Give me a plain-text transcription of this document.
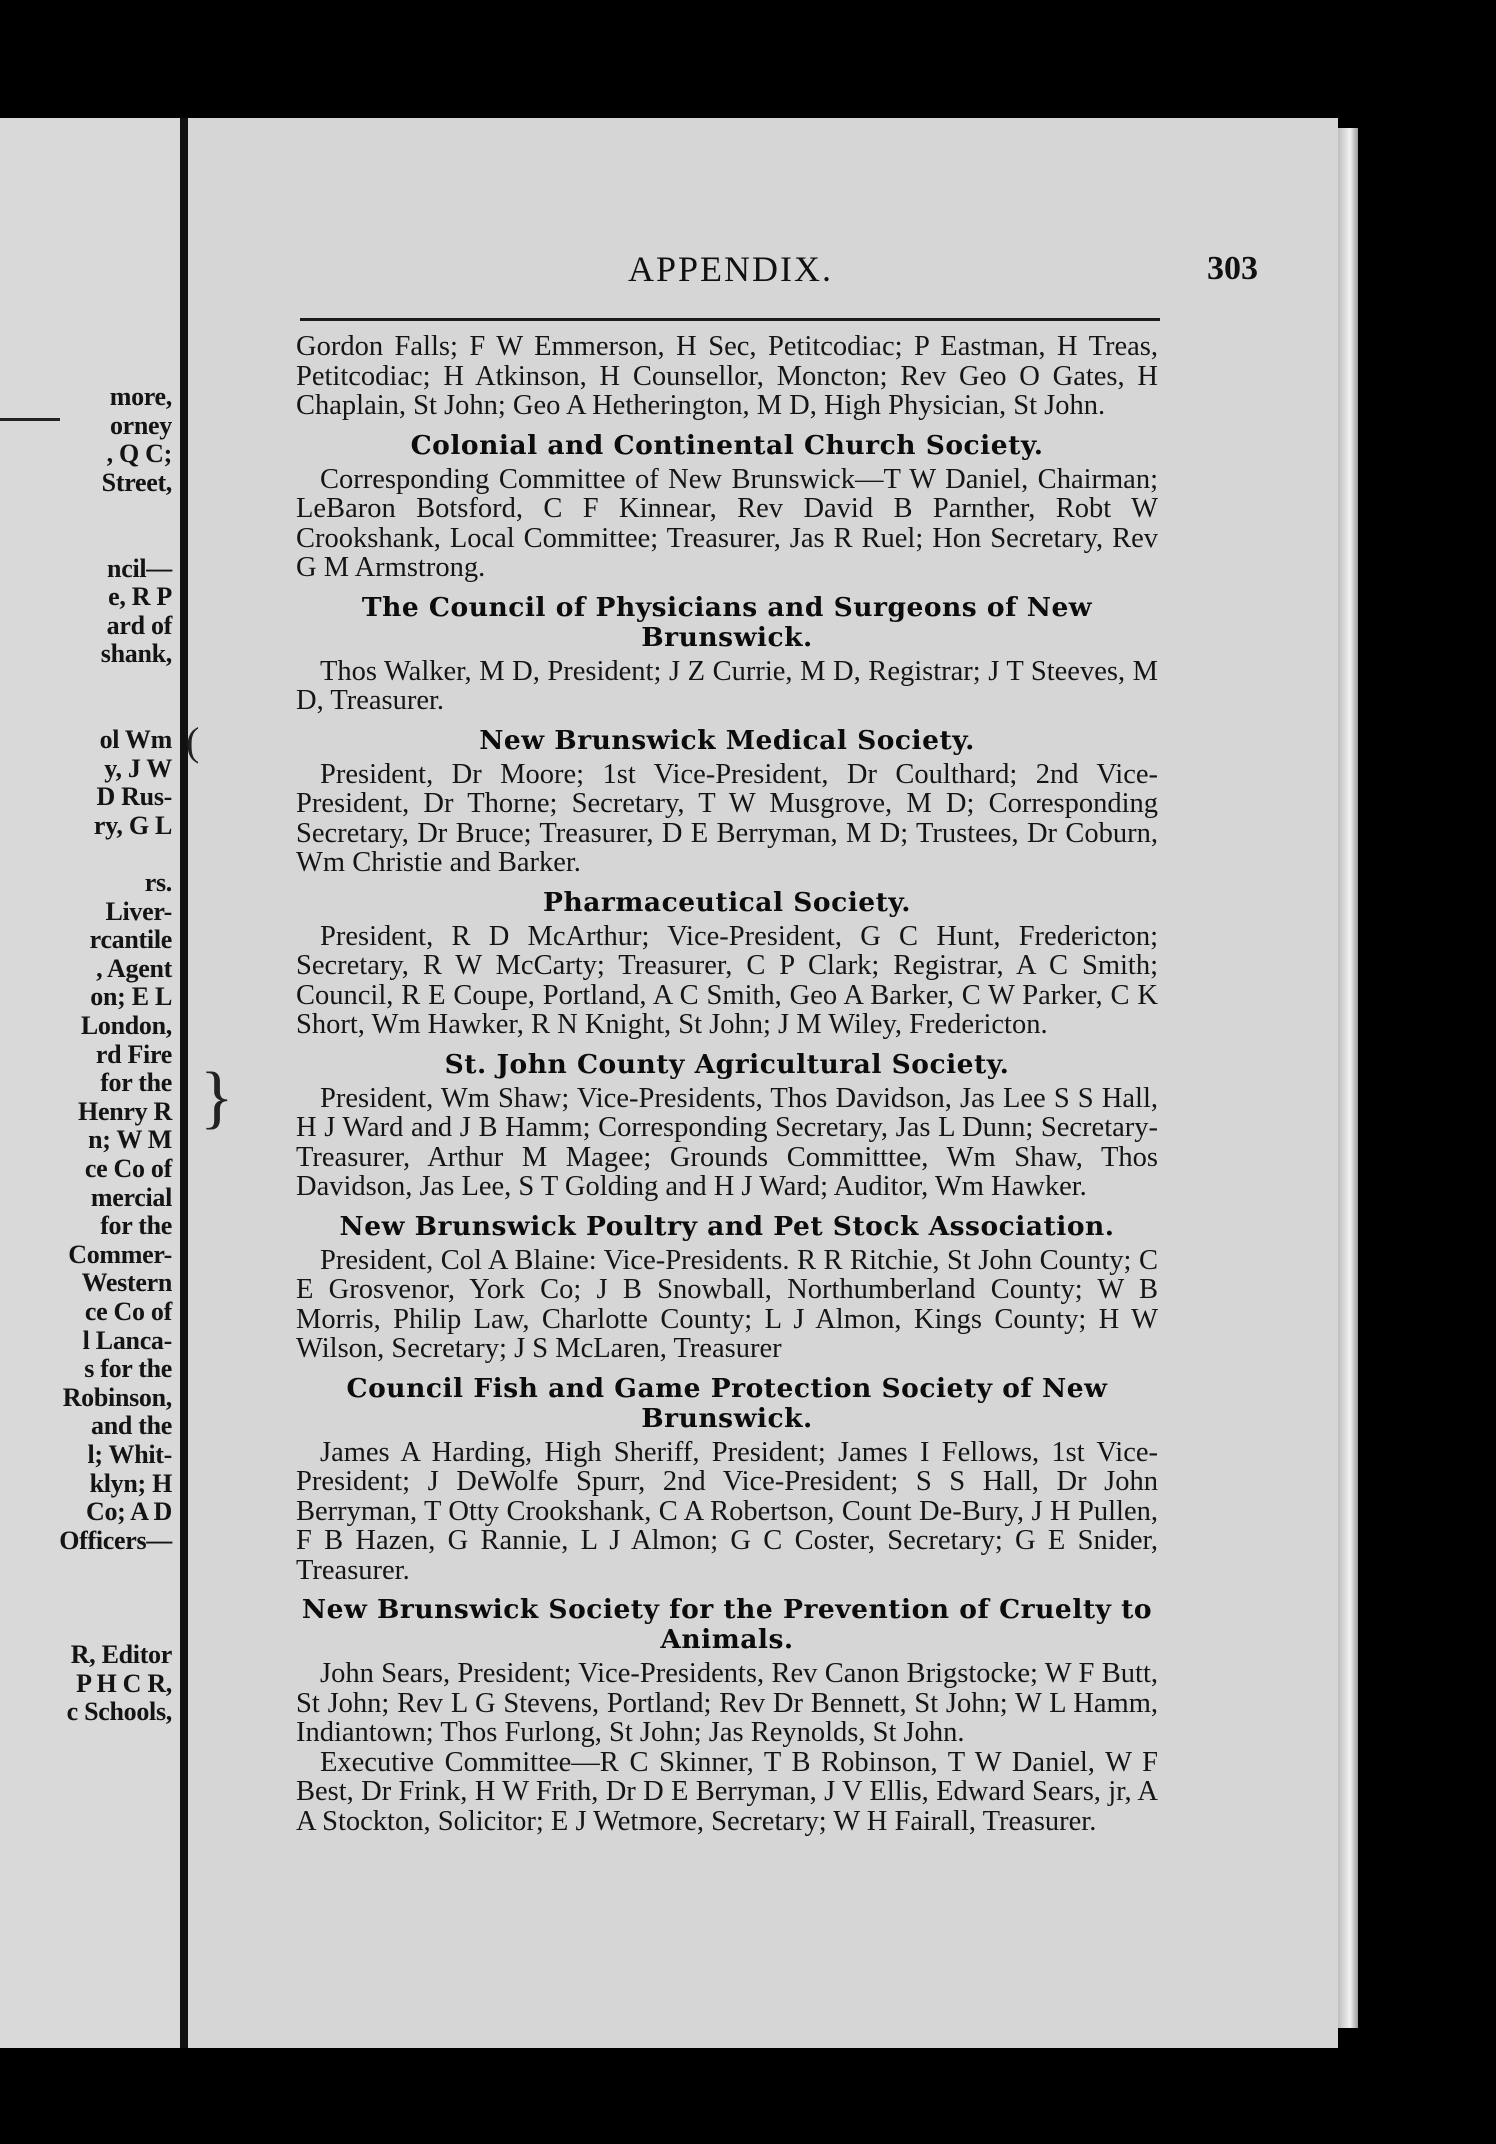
more,
orney
, Q C;
Street,
ncil—
e, R P
ard of
shank,
ol Wm
y, J W
D Rus-
ry, G L
rs.
Liver-
rcantile
, Agent
on; E L
London,
rd Fire
for the
Henry R
n; W M
ce Co of
mercial
for the
Commer-
Western
ce Co of
l Lanca-
s for the
Robinson,
and the
l; Whit-
klyn; H
Co; A D
Officers—
R, Editor
P H C R,
c Schools,
APPENDIX.	303

Gordon Falls; F W Emmerson, H Sec, Petitcodiac; P Eastman, H Treas, Petitcodiac; H Atkinson, H Counsellor, Moncton; Rev Geo O Gates, H Chaplain, St John; Geo A Hetherington, M D, High Physician, St John.

Colonial and Continental Church Society.

Corresponding Committee of New Brunswick—T W Daniel, Chairman; LeBaron Botsford, C F Kinnear, Rev David B Parnther, Robt W Crookshank, Local Committee; Treasurer, Jas R Ruel; Hon Secretary, Rev G M Armstrong.

The Council of Physicians and Surgeons of New Brunswick.

Thos Walker, M D, President; J Z Currie, M D, Registrar; J T Steeves, M D, Treasurer.

New Brunswick Medical Society.

President, Dr Moore; 1st Vice-President, Dr Coulthard; 2nd Vice-President, Dr Thorne; Secretary, T W Musgrove, M D; Corresponding Secretary, Dr Bruce; Treasurer, D E Berryman, M D; Trustees, Dr Coburn, Wm Christie and Barker.

Pharmaceutical Society.

President, R D McArthur; Vice-President, G C Hunt, Fredericton; Secretary, R W McCarty; Treasurer, C P Clark; Registrar, A C Smith; Council, R E Coupe, Portland, A C Smith, Geo A Barker, C W Parker, C K Short, Wm Hawker, R N Knight, St John; J M Wiley, Fredericton.

St. John County Agricultural Society.

President, Wm Shaw; Vice-Presidents, Thos Davidson, Jas Lee S S Hall, H J Ward and J B Hamm; Corresponding Secretary, Jas L Dunn; Secretary-Treasurer, Arthur M Magee; Grounds Committtee, Wm Shaw, Thos Davidson, Jas Lee, S T Golding and H J Ward; Auditor, Wm Hawker.

New Brunswick Poultry and Pet Stock Association.

President, Col A Blaine: Vice-Presidents. R R Ritchie, St John County; C E Grosvenor, York Co; J B Snowball, Northumberland County; W B Morris, Philip Law, Charlotte County; L J Almon, Kings County; H W Wilson, Secretary; J S McLaren, Treasurer

Council Fish and Game Protection Society of New Brunswick.

James A Harding, High Sheriff, President; James I Fellows, 1st Vice-President; J DeWolfe Spurr, 2nd Vice-President; S S Hall, Dr John Berryman, T Otty Crookshank, C A Robertson, Count De-Bury, J H Pullen, F B Hazen, G Rannie, L J Almon; G C Coster, Secretary; G E Snider, Treasurer.

New Brunswick Society for the Prevention of Cruelty to Animals.

John Sears, President; Vice-Presidents, Rev Canon Brigstocke; W F Butt, St John; Rev L G Stevens, Portland; Rev Dr Bennett, St John; W L Hamm, Indiantown; Thos Furlong, St John; Jas Reynolds, St John.

Executive Committee—R C Skinner, T B Robinson, T W Daniel, W F Best, Dr Frink, H W Frith, Dr D E Berryman, J V Ellis, Edward Sears, jr, A A Stockton, Solicitor; E J Wetmore, Secretary; W H Fairall, Treasurer.

(
}
